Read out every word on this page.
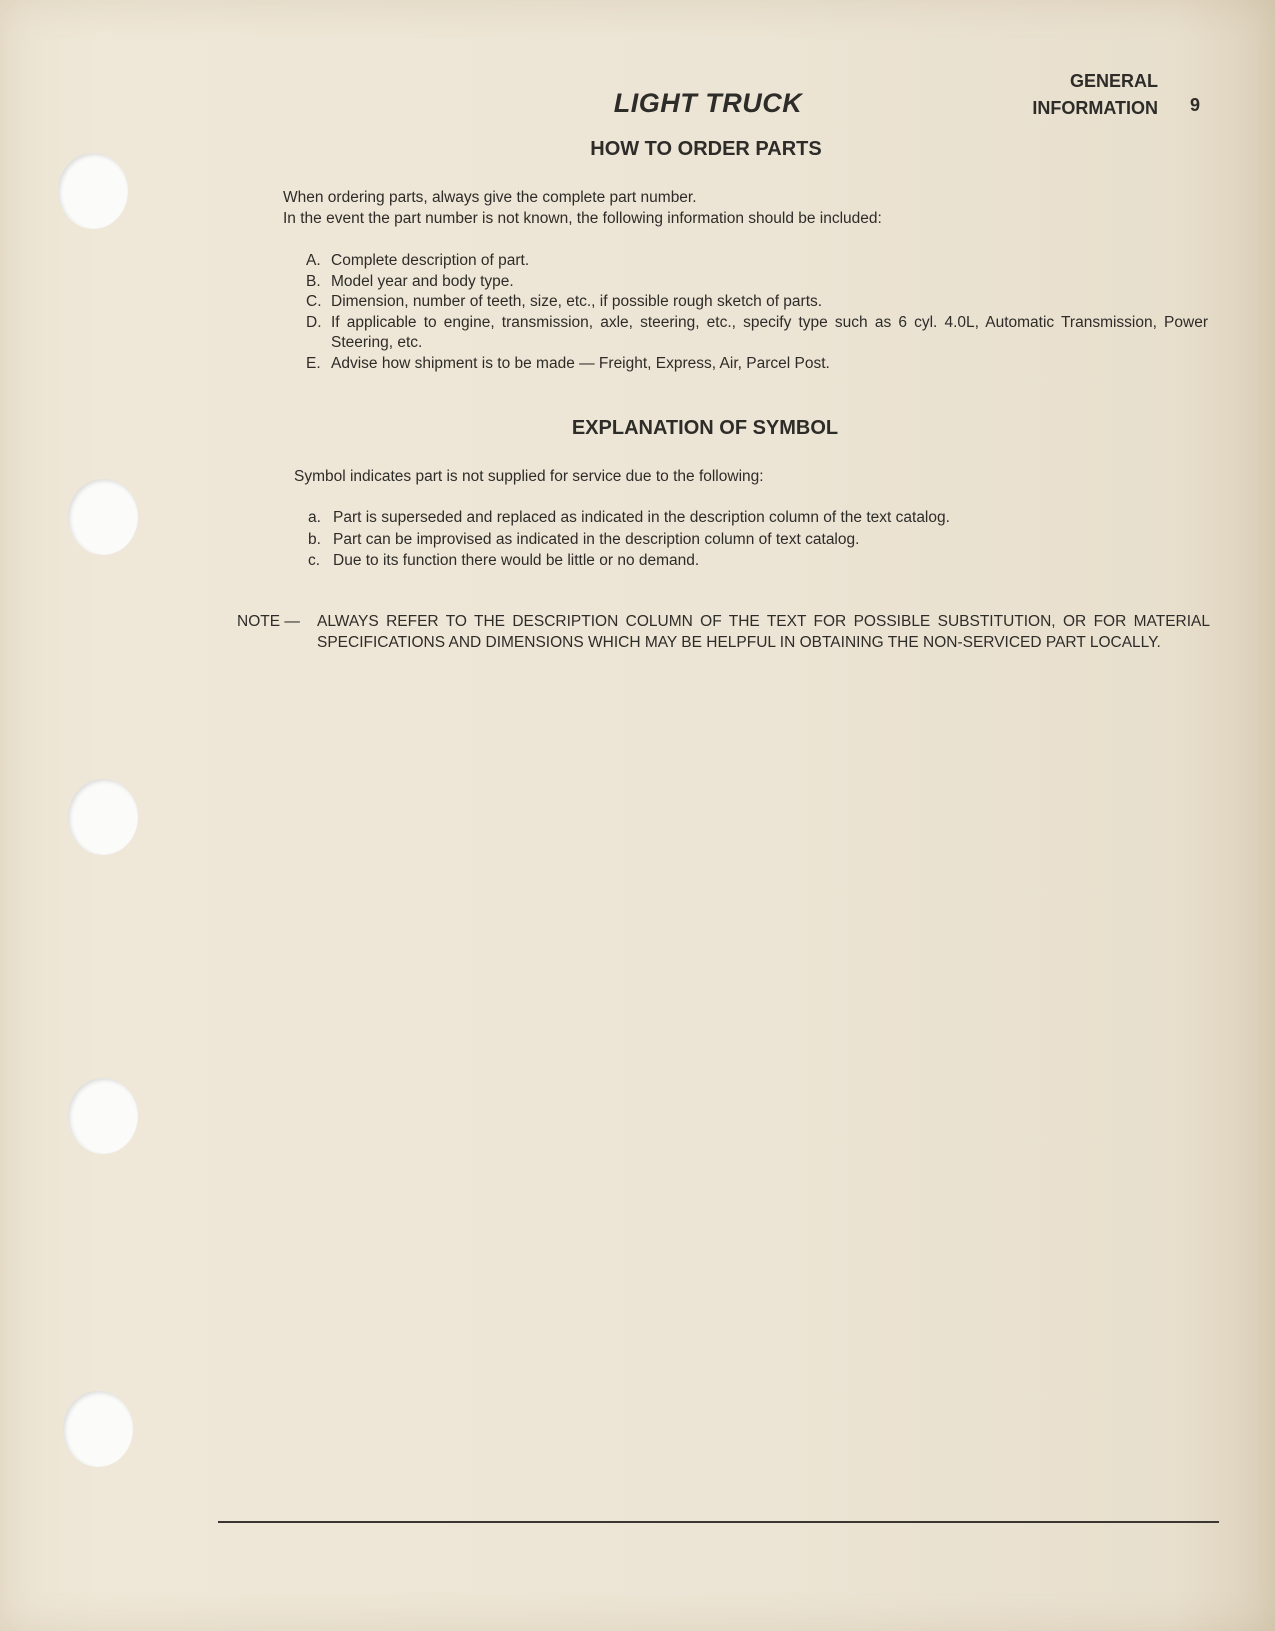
LIGHT TRUCK
GENERAL
INFORMATION 9
HOW TO ORDER PARTS
When ordering parts, always give the complete part number.
In the event the part number is not known, the following information should be included:
A. Complete description of part.
B. Model year and body type.
C. Dimension, number of teeth, size, etc., if possible rough sketch of parts.
D. If applicable to engine, transmission, axle, steering, etc., specify type such as 6 cyl. 4.0L, Automatic Transmission, Power Steering, etc.
E. Advise how shipment is to be made — Freight, Express, Air, Parcel Post.
EXPLANATION OF SYMBOL
Symbol indicates part is not supplied for service due to the following:
a. Part is superseded and replaced as indicated in the description column of the text catalog.
b. Part can be improvised as indicated in the description column of text catalog.
c. Due to its function there would be little or no demand.
NOTE —	ALWAYS REFER TO THE DESCRIPTION COLUMN OF THE TEXT FOR POSSIBLE SUBSTITUTION, OR FOR MATERIAL SPECIFICATIONS AND DIMENSIONS WHICH MAY BE HELPFUL IN OBTAINING THE NON-SERVICED PART LOCALLY.
